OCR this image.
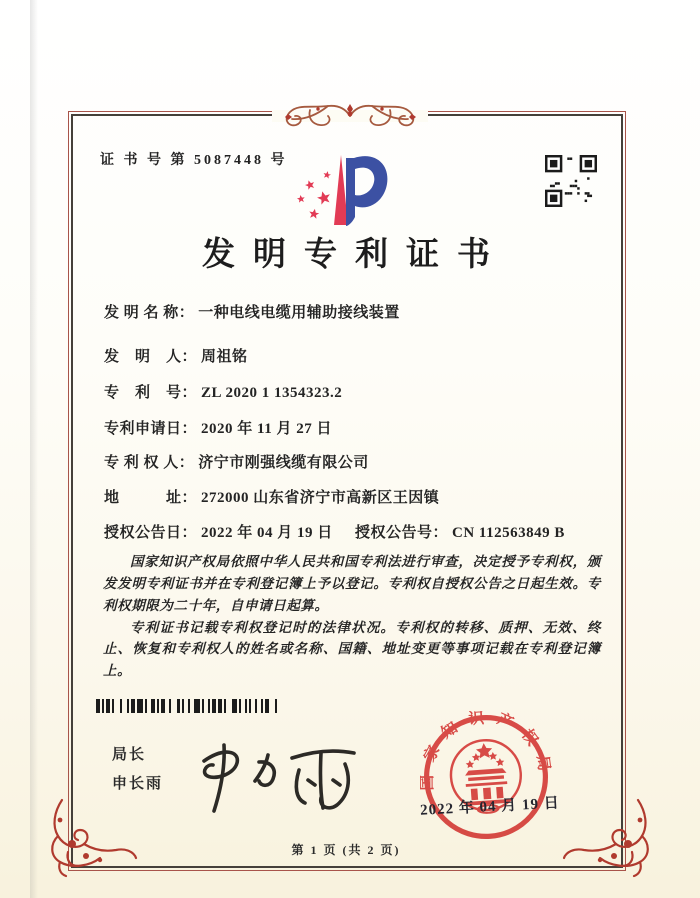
证 书 号 第 5087448 号
发明专利证书
发 明 名 称： 一种电线电缆用辅助接线装置
发　明　人： 周祖铭
专　利　号： ZL 2020 1 1354323.2
专利申请日： 2020 年 11 月 27 日
专 利 权 人： 济宁市刚强线缆有限公司
地　　　址： 272000 山东省济宁市高新区王因镇
授权公告日： 2022 年 04 月 19 日 授权公告号： CN 112563849 B

国家知识产权局依照中华人民共和国专利法进行审查，决定授予专利权，颁发发明专利证书并在专利登记簿上予以登记。专利权自授权公告之日起生效。专利权期限为二十年，自申请日起算。

专利证书记载专利权登记时的法律状况。专利权的转移、质押、无效、终止、恢复和专利权人的姓名或名称、国籍、地址变更等事项记载在专利登记簿上。

局长
申长雨	国家知识产权局
2022 年 04 月 19 日
第 1 页 (共 2 页)
